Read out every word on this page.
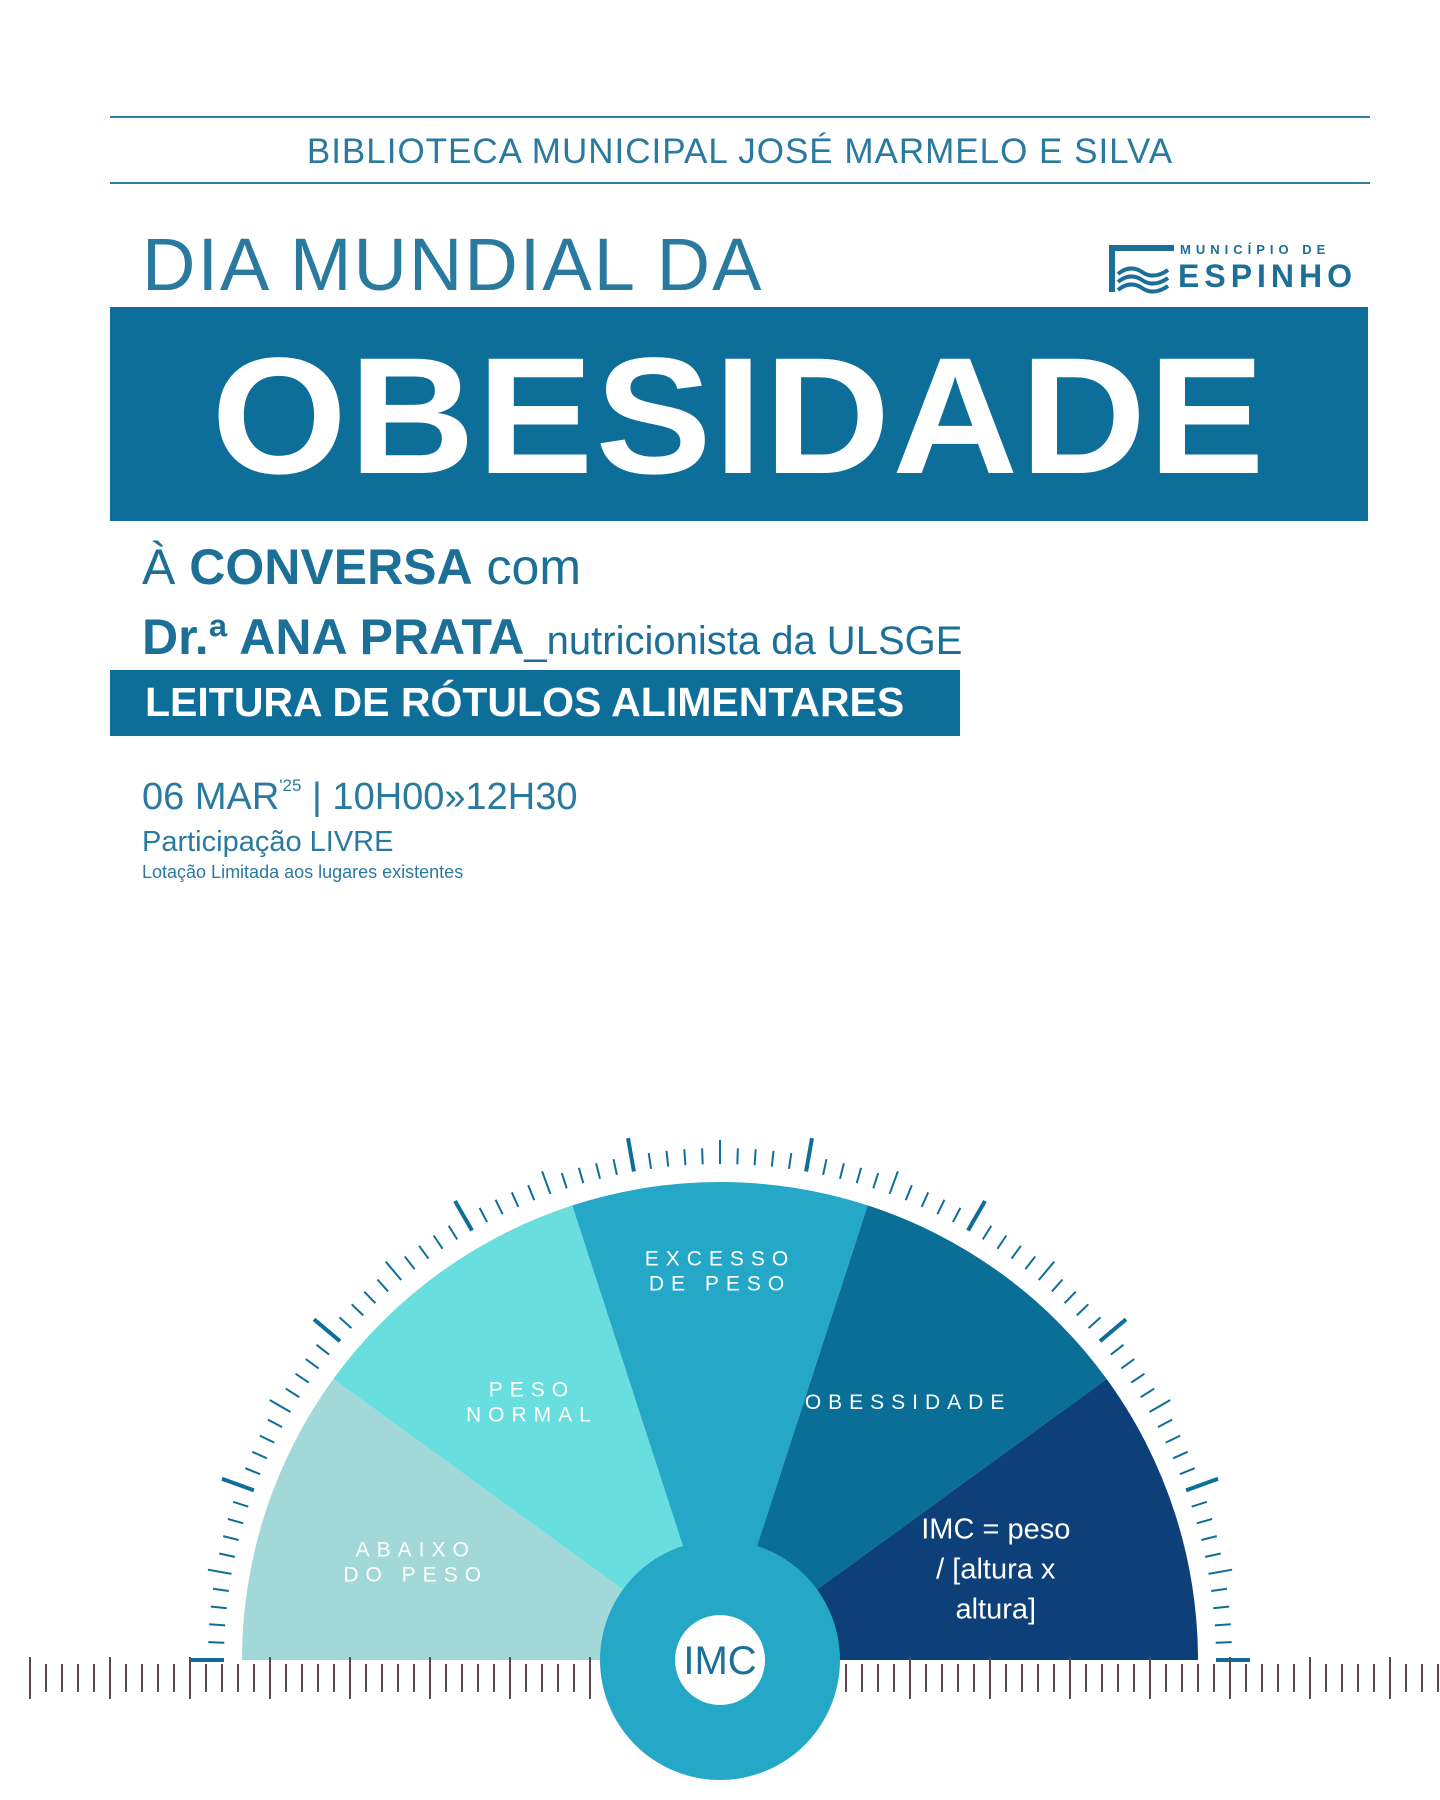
BIBLIOTECA MUNICIPAL JOSÉ MARMELO E SILVA
DIA MUNDIAL DA	MUNICÍPIO DE
ESPINHO
OBESIDADE
À CONVERSA com
Dr.ª ANA PRATA_nutricionista da ULSGE
LEITURA DE RÓTULOS ALIMENTARES
06 $MAR^{'25}$ | 10H00»12H30
Participação LIVRE
Lotação Limitada aos lugares existentes
ABAIXO
DO PESO
PESO
NORMAL
EXCESSO
DE PESO
OBESSIDADE
IMC = peso
/ [altura x
altura]
IMC
